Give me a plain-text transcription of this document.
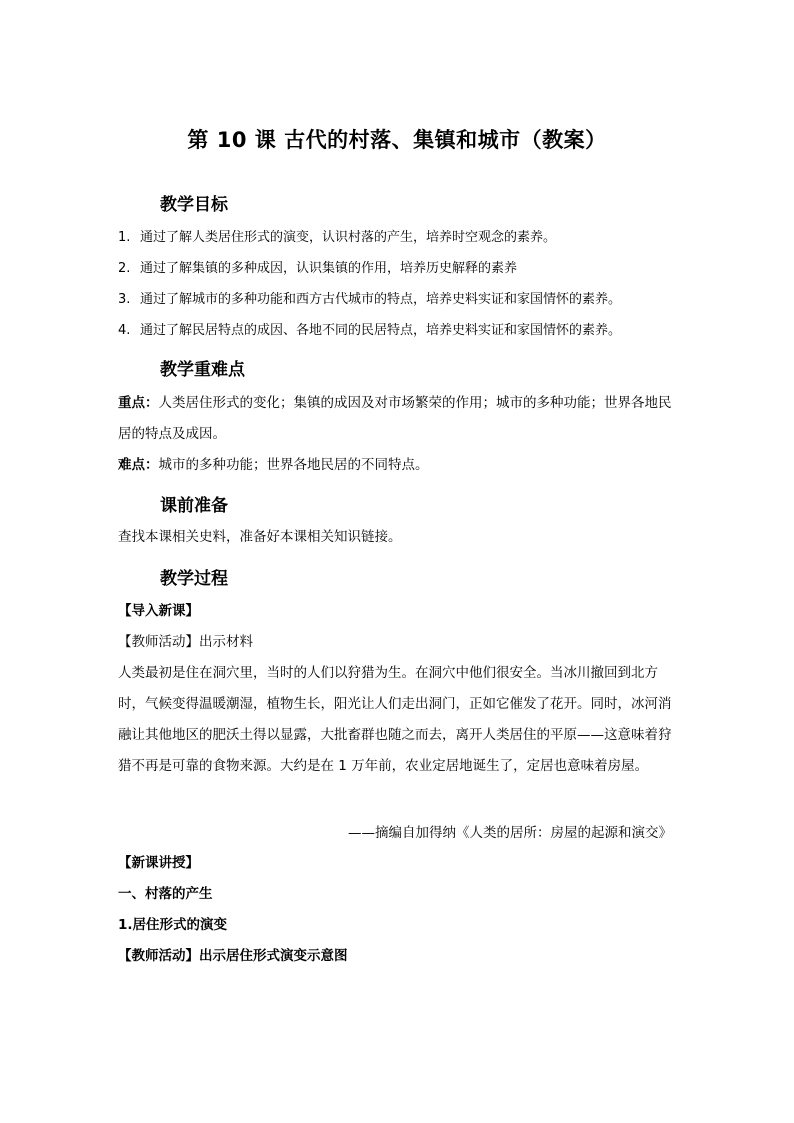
第 10 课 古代的村落、集镇和城市（教案）
教学目标
1. 通过了解人类居住形式的演变，认识村落的产生，培养时空观念的素养。
2. 通过了解集镇的多种成因，认识集镇的作用，培养历史解释的素养
3. 通过了解城市的多种功能和西方古代城市的特点，培养史料实证和家国情怀的素养。
4. 通过了解民居特点的成因、各地不同的民居特点，培养史料实证和家国情怀的素养。
教学重难点

重点：人类居住形式的变化；集镇的成因及对市场繁荣的作用；城市的多种功能；世界各地民居的特点及成因。

难点：城市的多种功能；世界各地民居的不同特点。

课前准备

查找本课相关史料，准备好本课相关知识链接。

教学过程

【导入新课】

【教师活动】出示材料

人类最初是住在洞穴里，当时的人们以狩猎为生。在洞穴中他们很安全。当冰川撤回到北方时，气候变得温暖潮湿，植物生长，阳光让人们走出洞门，正如它催发了花开。同时，冰河消融让其他地区的肥沃土得以显露，大批畜群也随之而去，离开人类居住的平原——这意味着狩猎不再是可靠的食物来源。大约是在 1 万年前，农业定居地诞生了，定居也意味着房屋。

——摘编自加得纳《人类的居所：房屋的起源和演交》

【新课讲授】

一、村落的产生

1.居住形式的演变

【教师活动】出示居住形式演变示意图
